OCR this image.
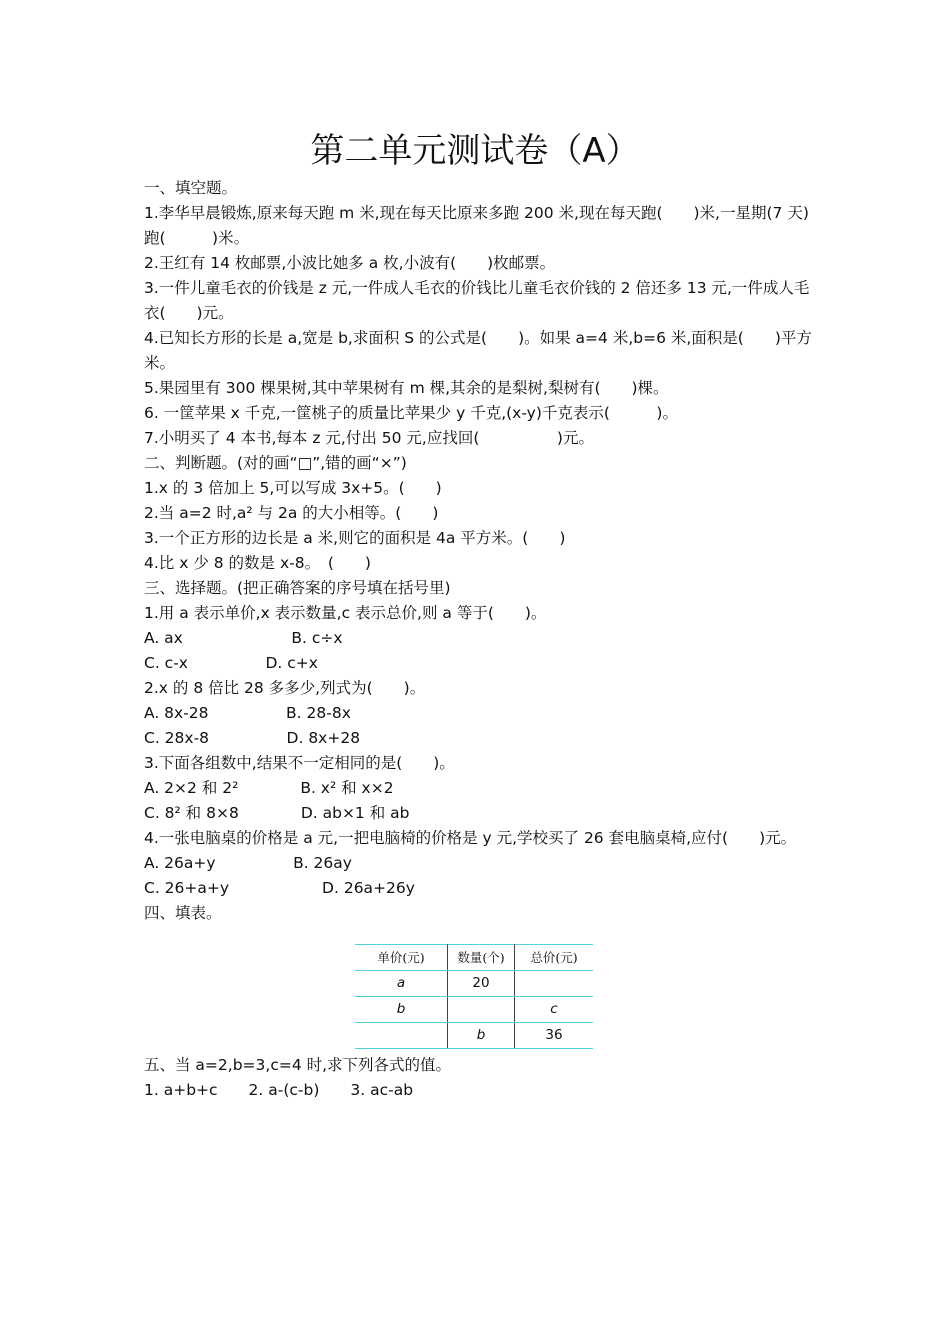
第二单元测试卷（A）
一、填空题。
1.李华早晨锻炼,原来每天跑 m 米,现在每天比原来多跑 200 米,现在每天跑(　　)米,一星期(7 天)跑(　　　)米。
2.王红有 14 枚邮票,小波比她多 a 枚,小波有(　　)枚邮票。
3.一件儿童毛衣的价钱是 z 元,一件成人毛衣的价钱比儿童毛衣价钱的 2 倍还多 13 元,一件成人毛衣(　　)元。
4.已知长方形的长是 a,宽是 b,求面积 S 的公式是(　　)。如果 a=4 米,b=6 米,面积是(　　)平方米。
5.果园里有 300 棵果树,其中苹果树有 m 棵,其余的是梨树,梨树有(　　)棵。
6. 一筐苹果 x 千克,一筐桃子的质量比苹果少 y 千克,(x-y)千克表示(　　　)。
7.小明买了 4 本书,每本 z 元,付出 50 元,应找回(　　　　　)元。
二、判断题。(对的画“□”,错的画“×”)
1.x 的 3 倍加上 5,可以写成 3x+5。(　　)
2.当 a=2 时,a² 与 2a 的大小相等。(　　)
3.一个正方形的边长是 a 米,则它的面积是 4a 平方米。(　　)
4.比 x 少 8 的数是 x-8。　(　　)
三、选择题。(把正确答案的序号填在括号里)
1.用 a 表示单价,x 表示数量,c 表示总价,则 a 等于(　　)。
A. ax　　　　　　　B. c÷x
C. c-x　　　　　D. c+x
2.x 的 8 倍比 28 多多少,列式为(　　)。
A. 8x-28　　　　　B. 28-8x
C. 28x-8　　　　　D. 8x+28
3.下面各组数中,结果不一定相同的是(　　)。
A. 2×2 和 2²　　　　B. x² 和 x×2
C. 8² 和 8×8　　　　D. ab×1 和 ab
4.一张电脑桌的价格是 a 元,一把电脑椅的价格是 y 元,学校买了 26 套电脑桌椅,应付(　　)元。
A. 26a+y　　　　　B. 26ay
C. 26+a+y　　　　　　D. 26a+26y
四、填表。
单价(元)	数量(个)	总价(元)
a	20	
b		c
	b	36
五、当 a=2,b=3,c=4 时,求下列各式的值。
1. a+b+c　　2. a-(c-b)　　3. ac-ab
